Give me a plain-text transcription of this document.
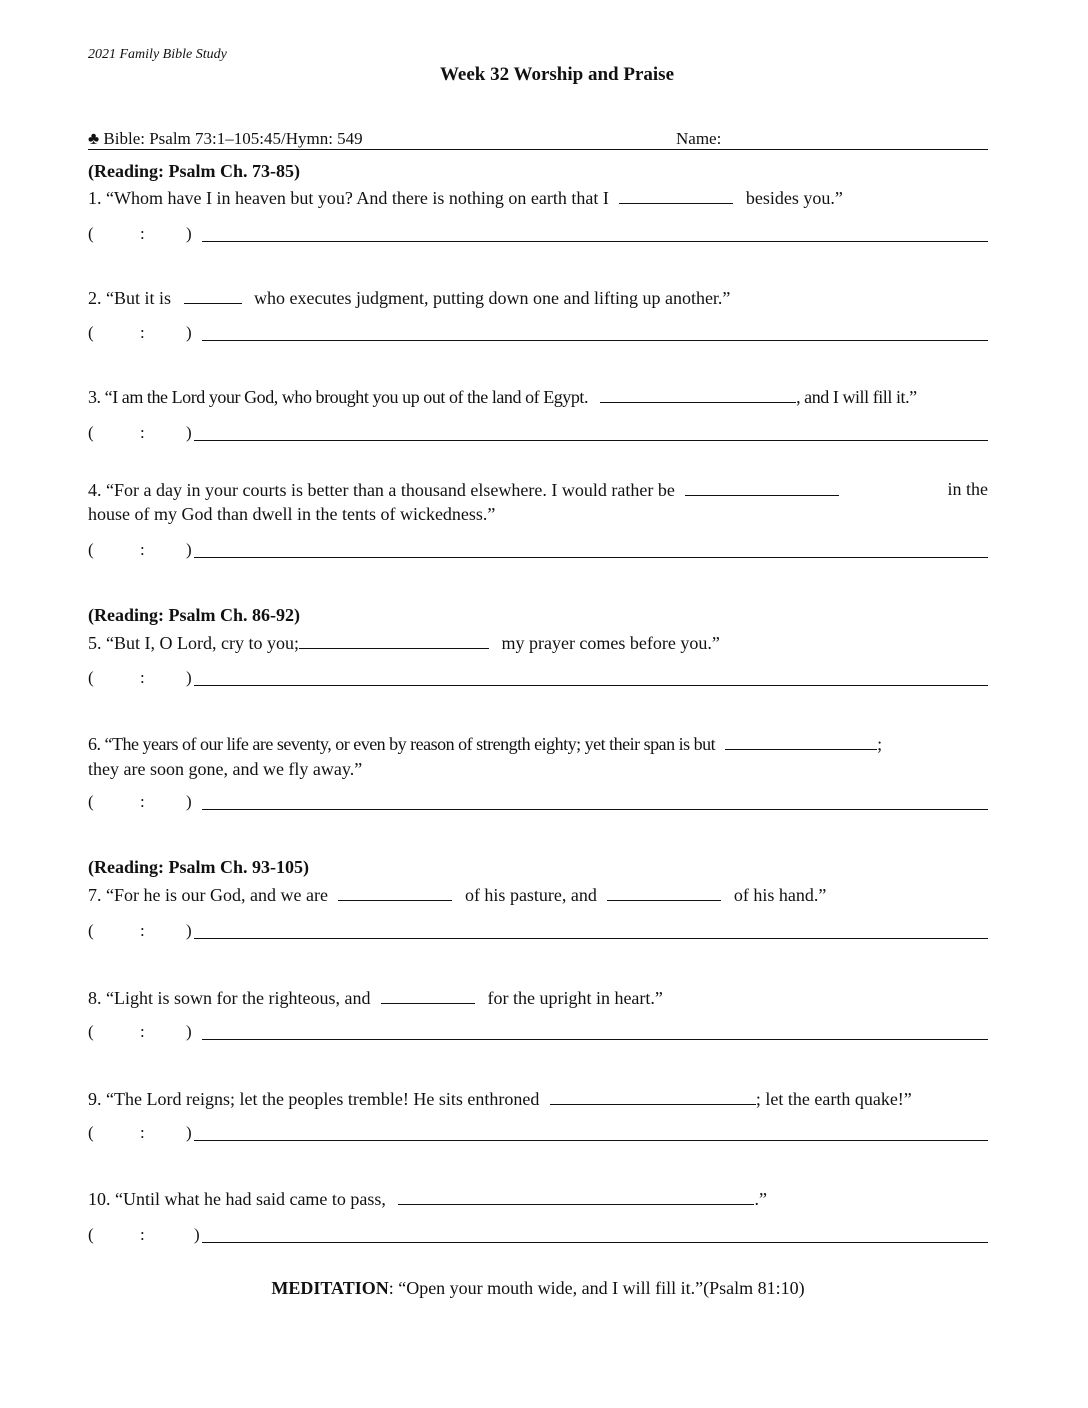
2021 Family Bible Study
Week 32 Worship and Praise
♣ Bible: Psalm 73:1–105:45/Hymn: 549	Name:
(Reading: Psalm Ch. 73-85)
1. “Whom have I in heaven but you? And there is nothing on earth that I	besides you.”
(	: )
2. “But it is	who executes judgment, putting down one and lifting up another.”
(	: )
3. “I am the Lord your God, who brought you up out of the land of Egypt.	, and I will fill it.”
(	: )
4. “For a day in your courts is better than a thousand elsewhere. I would rather be	in the
house of my God than dwell in the tents of wickedness.”
(	: )
(Reading: Psalm Ch. 86-92)
5. “But I, O Lord, cry to you;	my prayer comes before you.”
(	: )
6. “The years of our life are seventy, or even by reason of strength eighty; yet their span is but	;
they are soon gone, and we fly away.”
(	: )
(Reading: Psalm Ch. 93-105)
7. “For he is our God, and we are	of his pasture, and	of his hand.”
(	: )
8. “Light is sown for the righteous, and	for the upright in heart.”
(	: )
9. “The Lord reigns; let the peoples tremble! He sits enthroned	; let the earth quake!”
(	: )
10. “Until what he had said came to pass,	.”
(	:	)
MEDITATION: “Open your mouth wide, and I will fill it.”(Psalm 81:10)
